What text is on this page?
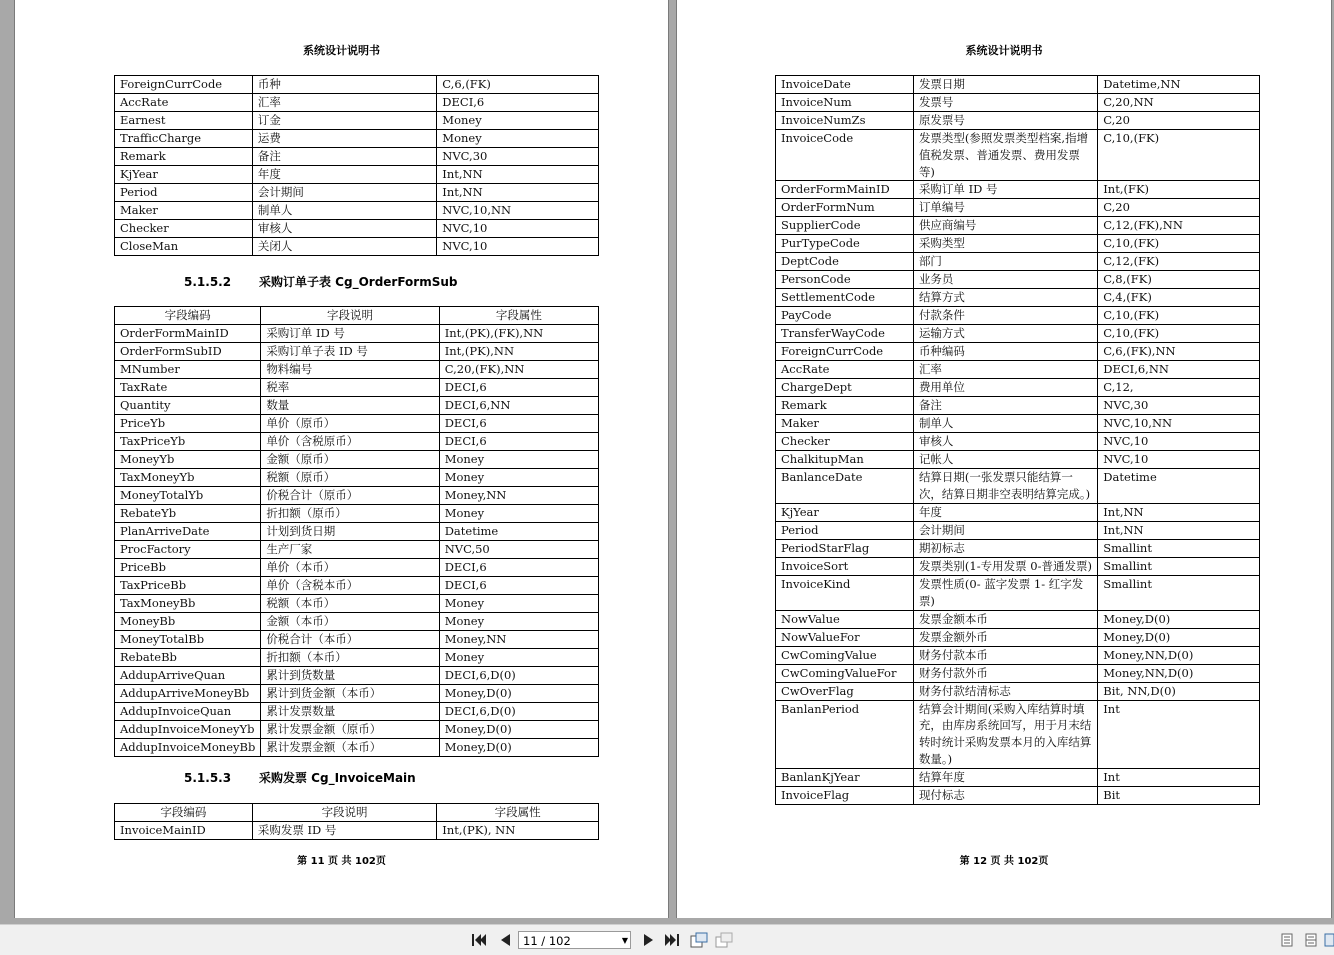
系统设计说明书
ForeignCurrCode	币种	C,6,(FK)
AccRate	汇率	DECI,6
Earnest	订金	Money
TrafficCharge	运费	Money
Remark	备注	NVC,30
KjYear	年度	Int,NN
Period	会计期间	Int,NN
Maker	制单人	NVC,10,NN
Checker	审核人	NVC,10
CloseMan	关闭人	NVC,10
5.1.5.2 采购订单子表 Cg_OrderFormSub
字段编码	字段说明	字段属性
OrderFormMainID	采购订单 ID 号	Int,(PK),(FK),NN
OrderFormSubID	采购订单子表 ID 号	Int,(PK),NN
MNumber	物料编号	C,20,(FK),NN
TaxRate	税率	DECI,6
Quantity	数量	DECI,6,NN
PriceYb	单价（原币）	DECI,6
TaxPriceYb	单价（含税原币）	DECI,6
MoneyYb	金额（原币）	Money
TaxMoneyYb	税额（原币）	Money
MoneyTotalYb	价税合计（原币）	Money,NN
RebateYb	折扣额（原币）	Money
PlanArriveDate	计划到货日期	Datetime
ProcFactory	生产厂家	NVC,50
PriceBb	单价（本币）	DECI,6
TaxPriceBb	单价（含税本币）	DECI,6
TaxMoneyBb	税额（本币）	Money
MoneyBb	金额（本币）	Money
MoneyTotalBb	价税合计（本币）	Money,NN
RebateBb	折扣额（本币）	Money
AddupArriveQuan	累计到货数量	DECI,6,D(0)
AddupArriveMoneyBb	累计到货金额（本币）	Money,D(0)
AddupInvoiceQuan	累计发票数量	DECI,6,D(0)
AddupInvoiceMoneyYb	累计发票金额（原币）	Money,D(0)
AddupInvoiceMoneyBb	累计发票金额（本币）	Money,D(0)
5.1.5.3 采购发票 Cg_InvoiceMain
字段编码	字段说明	字段属性
InvoiceMainID	采购发票 ID 号	Int,(PK), NN
第 11 页 共 102页
系统设计说明书
InvoiceDate	发票日期	Datetime,NN
InvoiceNum	发票号	C,20,NN
InvoiceNumZs	原发票号	C,20
InvoiceCode	发票类型(参照发票类型档案,指增值税发票、普通发票、费用发票等)	C,10,(FK)
OrderFormMainID	采购订单 ID 号	Int,(FK)
OrderFormNum	订单编号	C,20
SupplierCode	供应商编号	C,12,(FK),NN
PurTypeCode	采购类型	C,10,(FK)
DeptCode	部门	C,12,(FK)
PersonCode	业务员	C,8,(FK)
SettlementCode	结算方式	C,4,(FK)
PayCode	付款条件	C,10,(FK)
TransferWayCode	运输方式	C,10,(FK)
ForeignCurrCode	币种编码	C,6,(FK),NN
AccRate	汇率	DECI,6,NN
ChargeDept	费用单位	C,12,
Remark	备注	NVC,30
Maker	制单人	NVC,10,NN
Checker	审核人	NVC,10
ChalkitupMan	记帐人	NVC,10
BanlanceDate	结算日期(一张发票只能结算一次，结算日期非空表明结算完成。)	Datetime
KjYear	年度	Int,NN
Period	会计期间	Int,NN
PeriodStarFlag	期初标志	Smallint
InvoiceSort	发票类别(1-专用发票 0-普通发票)	Smallint
InvoiceKind	发票性质(0- 蓝字发票 1- 红字发票)	Smallint
NowValue	发票金额本币	Money,D(0)
NowValueFor	发票金额外币	Money,D(0)
CwComingValue	财务付款本币	Money,NN,D(0)
CwComingValueFor	财务付款外币	Money,NN,D(0)
CwOverFlag	财务付款结清标志	Bit, NN,D(0)
BanlanPeriod	结算会计期间(采购入库结算时填充，由库房系统回写，用于月末结转时统计采购发票本月的入库结算数量。)	Int
BanlanKjYear	结算年度	Int
InvoiceFlag	现付标志	Bit
第 12 页 共 102页
11 / 102	▼
